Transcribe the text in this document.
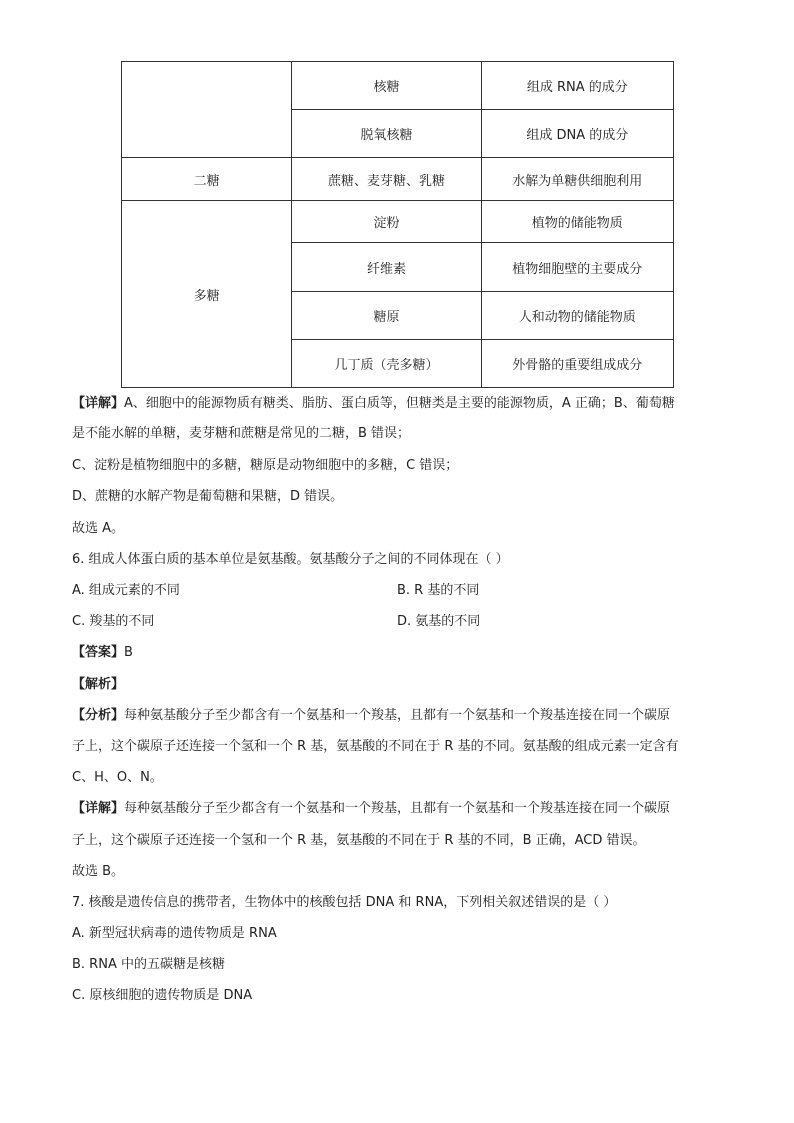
	核糖	组成 RNA 的成分
	脱氧核糖	组成 DNA 的成分
二糖	蔗糖、麦芽糖、乳糖	水解为单糖供细胞利用
多糖	淀粉	植物的储能物质
	纤维素	植物细胞壁的主要成分
	糖原	人和动物的储能物质
	几丁质（壳多糖）	外骨骼的重要组成成分
【详解】A、细胞中的能源物质有糖类、脂肪、蛋白质等，但糖类是主要的能源物质，A 正确；B、葡萄糖
是不能水解的单糖，麦芽糖和蔗糖是常见的二糖，B 错误；
C、淀粉是植物细胞中的多糖，糖原是动物细胞中的多糖，C 错误；
D、蔗糖的水解产物是葡萄糖和果糖，D 错误。
故选 A。
6. 组成人体蛋白质的基本单位是氨基酸。氨基酸分子之间的不同体现在（ ）
A. 组成元素的不同	B. R 基的不同
C. 羧基的不同	D. 氨基的不同
【答案】B
【解析】
【分析】每种氨基酸分子至少都含有一个氨基和一个羧基，且都有一个氨基和一个羧基连接在同一个碳原
子上，这个碳原子还连接一个氢和一个 R 基，氨基酸的不同在于 R 基的不同。氨基酸的组成元素一定含有
C、H、O、N。
【详解】每种氨基酸分子至少都含有一个氨基和一个羧基，且都有一个氨基和一个羧基连接在同一个碳原
子上，这个碳原子还连接一个氢和一个 R 基，氨基酸的不同在于 R 基的不同，B 正确，ACD 错误。
故选 B。
7. 核酸是遗传信息的携带者，生物体中的核酸包括 DNA 和 RNA，下列相关叙述错误的是（ ）
A. 新型冠状病毒的遗传物质是 RNA
B. RNA 中的五碳糖是核糖
C. 原核细胞的遗传物质是 DNA
